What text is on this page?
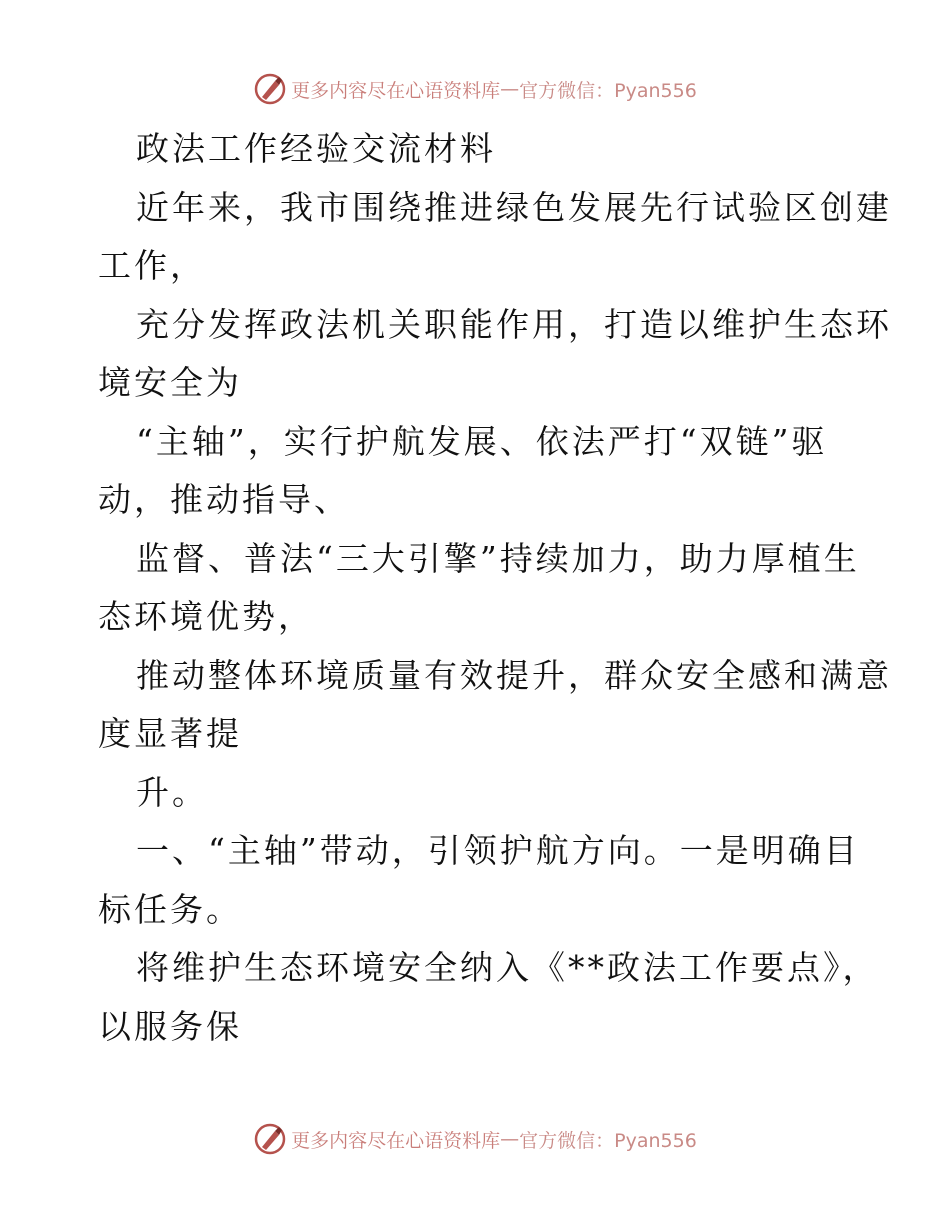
更多内容尽在心语资料库 — 官方微信：Pyan556

政法工作经验交流材料

近年来，我市围绕推进绿色发展先行试验区创建

工作，

充分发挥政法机关职能作用，打造以维护生态环

境安全为

“主轴”，实行护航发展、依法严打“双链”驱

动，推动指导、

监督、普法“三大引擎”持续加力，助力厚植生

态环境优势，

推动整体环境质量有效提升，群众安全感和满意

度显著提

升。

一、“主轴”带动，引领护航方向。一是明确目

标任务。

将维护生态环境安全纳入《**政法工作要点》，

以服务保

更多内容尽在心语资料库 — 官方微信：Pyan556
